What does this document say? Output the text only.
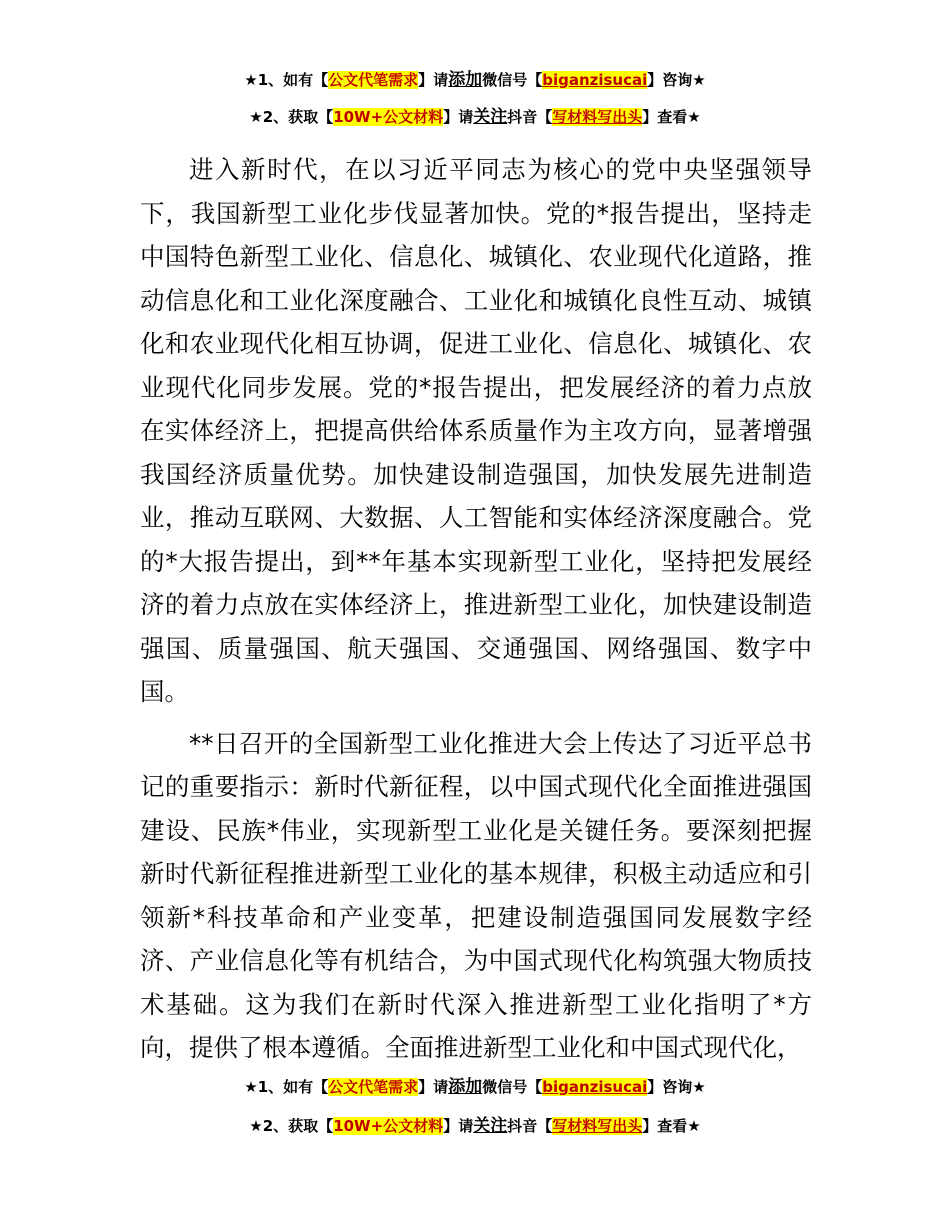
★1、如有【公文代笔需求】请添加微信号【biganzisucai】咨询★
★2、获取【10W+公文材料】请关注抖音【写材料写出头】查看★

进入新时代，在以习近平同志为核心的党中央坚强领导下，我国新型工业化步伐显著加快。党的*报告提出，坚持走中国特色新型工业化、信息化、城镇化、农业现代化道路，推动信息化和工业化深度融合、工业化和城镇化良性互动、城镇化和农业现代化相互协调，促进工业化、信息化、城镇化、农业现代化同步发展。党的*报告提出，把发展经济的着力点放在实体经济上，把提高供给体系质量作为主攻方向，显著增强我国经济质量优势。加快建设制造强国，加快发展先进制造业，推动互联网、大数据、人工智能和实体经济深度融合。党的*大报告提出，到**年基本实现新型工业化，坚持把发展经济的着力点放在实体经济上，推进新型工业化，加快建设制造强国、质量强国、航天强国、交通强国、网络强国、数字中国。

**日召开的全国新型工业化推进大会上传达了习近平总书记的重要指示：新时代新征程，以中国式现代化全面推进强国建设、民族*伟业，实现新型工业化是关键任务。要深刻把握新时代新征程推进新型工业化的基本规律，积极主动适应和引领新*科技革命和产业变革，把建设制造强国同发展数字经济、产业信息化等有机结合，为中国式现代化构筑强大物质技术基础。这为我们在新时代深入推进新型工业化指明了*方向，提供了根本遵循。全面推进新型工业化和中国式现代化，

★1、如有【公文代笔需求】请添加微信号【biganzisucai】咨询★
★2、获取【10W+公文材料】请关注抖音【写材料写出头】查看★
